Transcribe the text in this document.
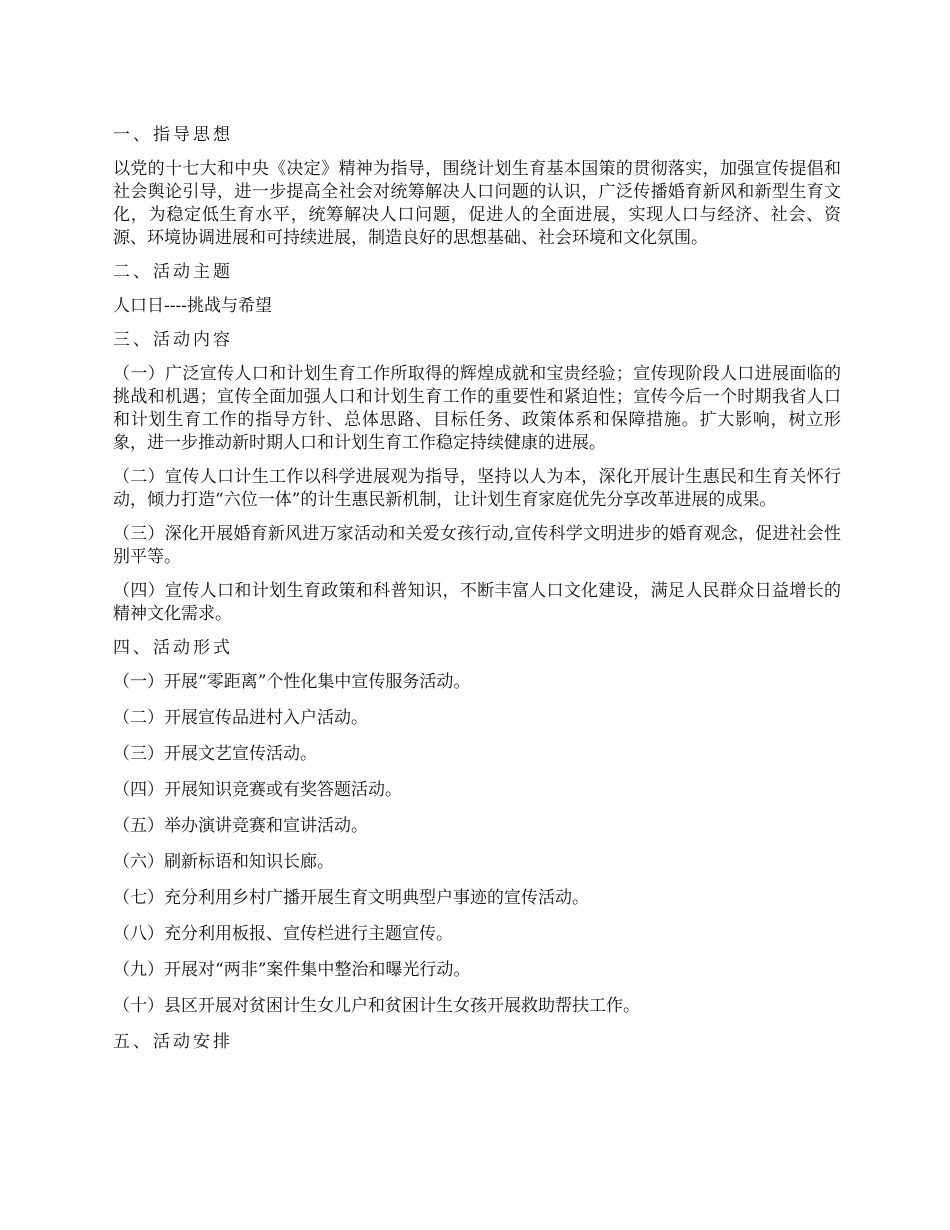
一、指导思想

以党的十七大和中央《决定》精神为指导，围绕计划生育基本国策的贯彻落实，加强宣传提倡和社会舆论引导，进一步提高全社会对统筹解决人口问题的认识，广泛传播婚育新风和新型生育文化，为稳定低生育水平，统筹解决人口问题，促进人的全面进展，实现人口与经济、社会、资源、环境协调进展和可持续进展，制造良好的思想基础、社会环境和文化氛围。

二、活动主题

人口日----挑战与希望

三、活动内容

（一）广泛宣传人口和计划生育工作所取得的辉煌成就和宝贵经验；宣传现阶段人口进展面临的挑战和机遇；宣传全面加强人口和计划生育工作的重要性和紧迫性；宣传今后一个时期我省人口和计划生育工作的指导方针、总体思路、目标任务、政策体系和保障措施。扩大影响，树立形象，进一步推动新时期人口和计划生育工作稳定持续健康的进展。

（二）宣传人口计生工作以科学进展观为指导，坚持以人为本，深化开展计生惠民和生育关怀行动，倾力打造“六位一体”的计生惠民新机制，让计划生育家庭优先分享改革进展的成果。

（三）深化开展婚育新风进万家活动和关爱女孩行动,宣传科学文明进步的婚育观念，促进社会性别平等。

（四）宣传人口和计划生育政策和科普知识，不断丰富人口文化建设，满足人民群众日益增长的精神文化需求。

四、活动形式

（一）开展“零距离”个性化集中宣传服务活动。

（二）开展宣传品进村入户活动。

（三）开展文艺宣传活动。

（四）开展知识竞赛或有奖答题活动。

（五）举办演讲竞赛和宣讲活动。

（六）刷新标语和知识长廊。

（七）充分利用乡村广播开展生育文明典型户事迹的宣传活动。

（八）充分利用板报、宣传栏进行主题宣传。

（九）开展对“两非”案件集中整治和曝光行动。

（十）县区开展对贫困计生女儿户和贫困计生女孩开展救助帮扶工作。

五、活动安排
